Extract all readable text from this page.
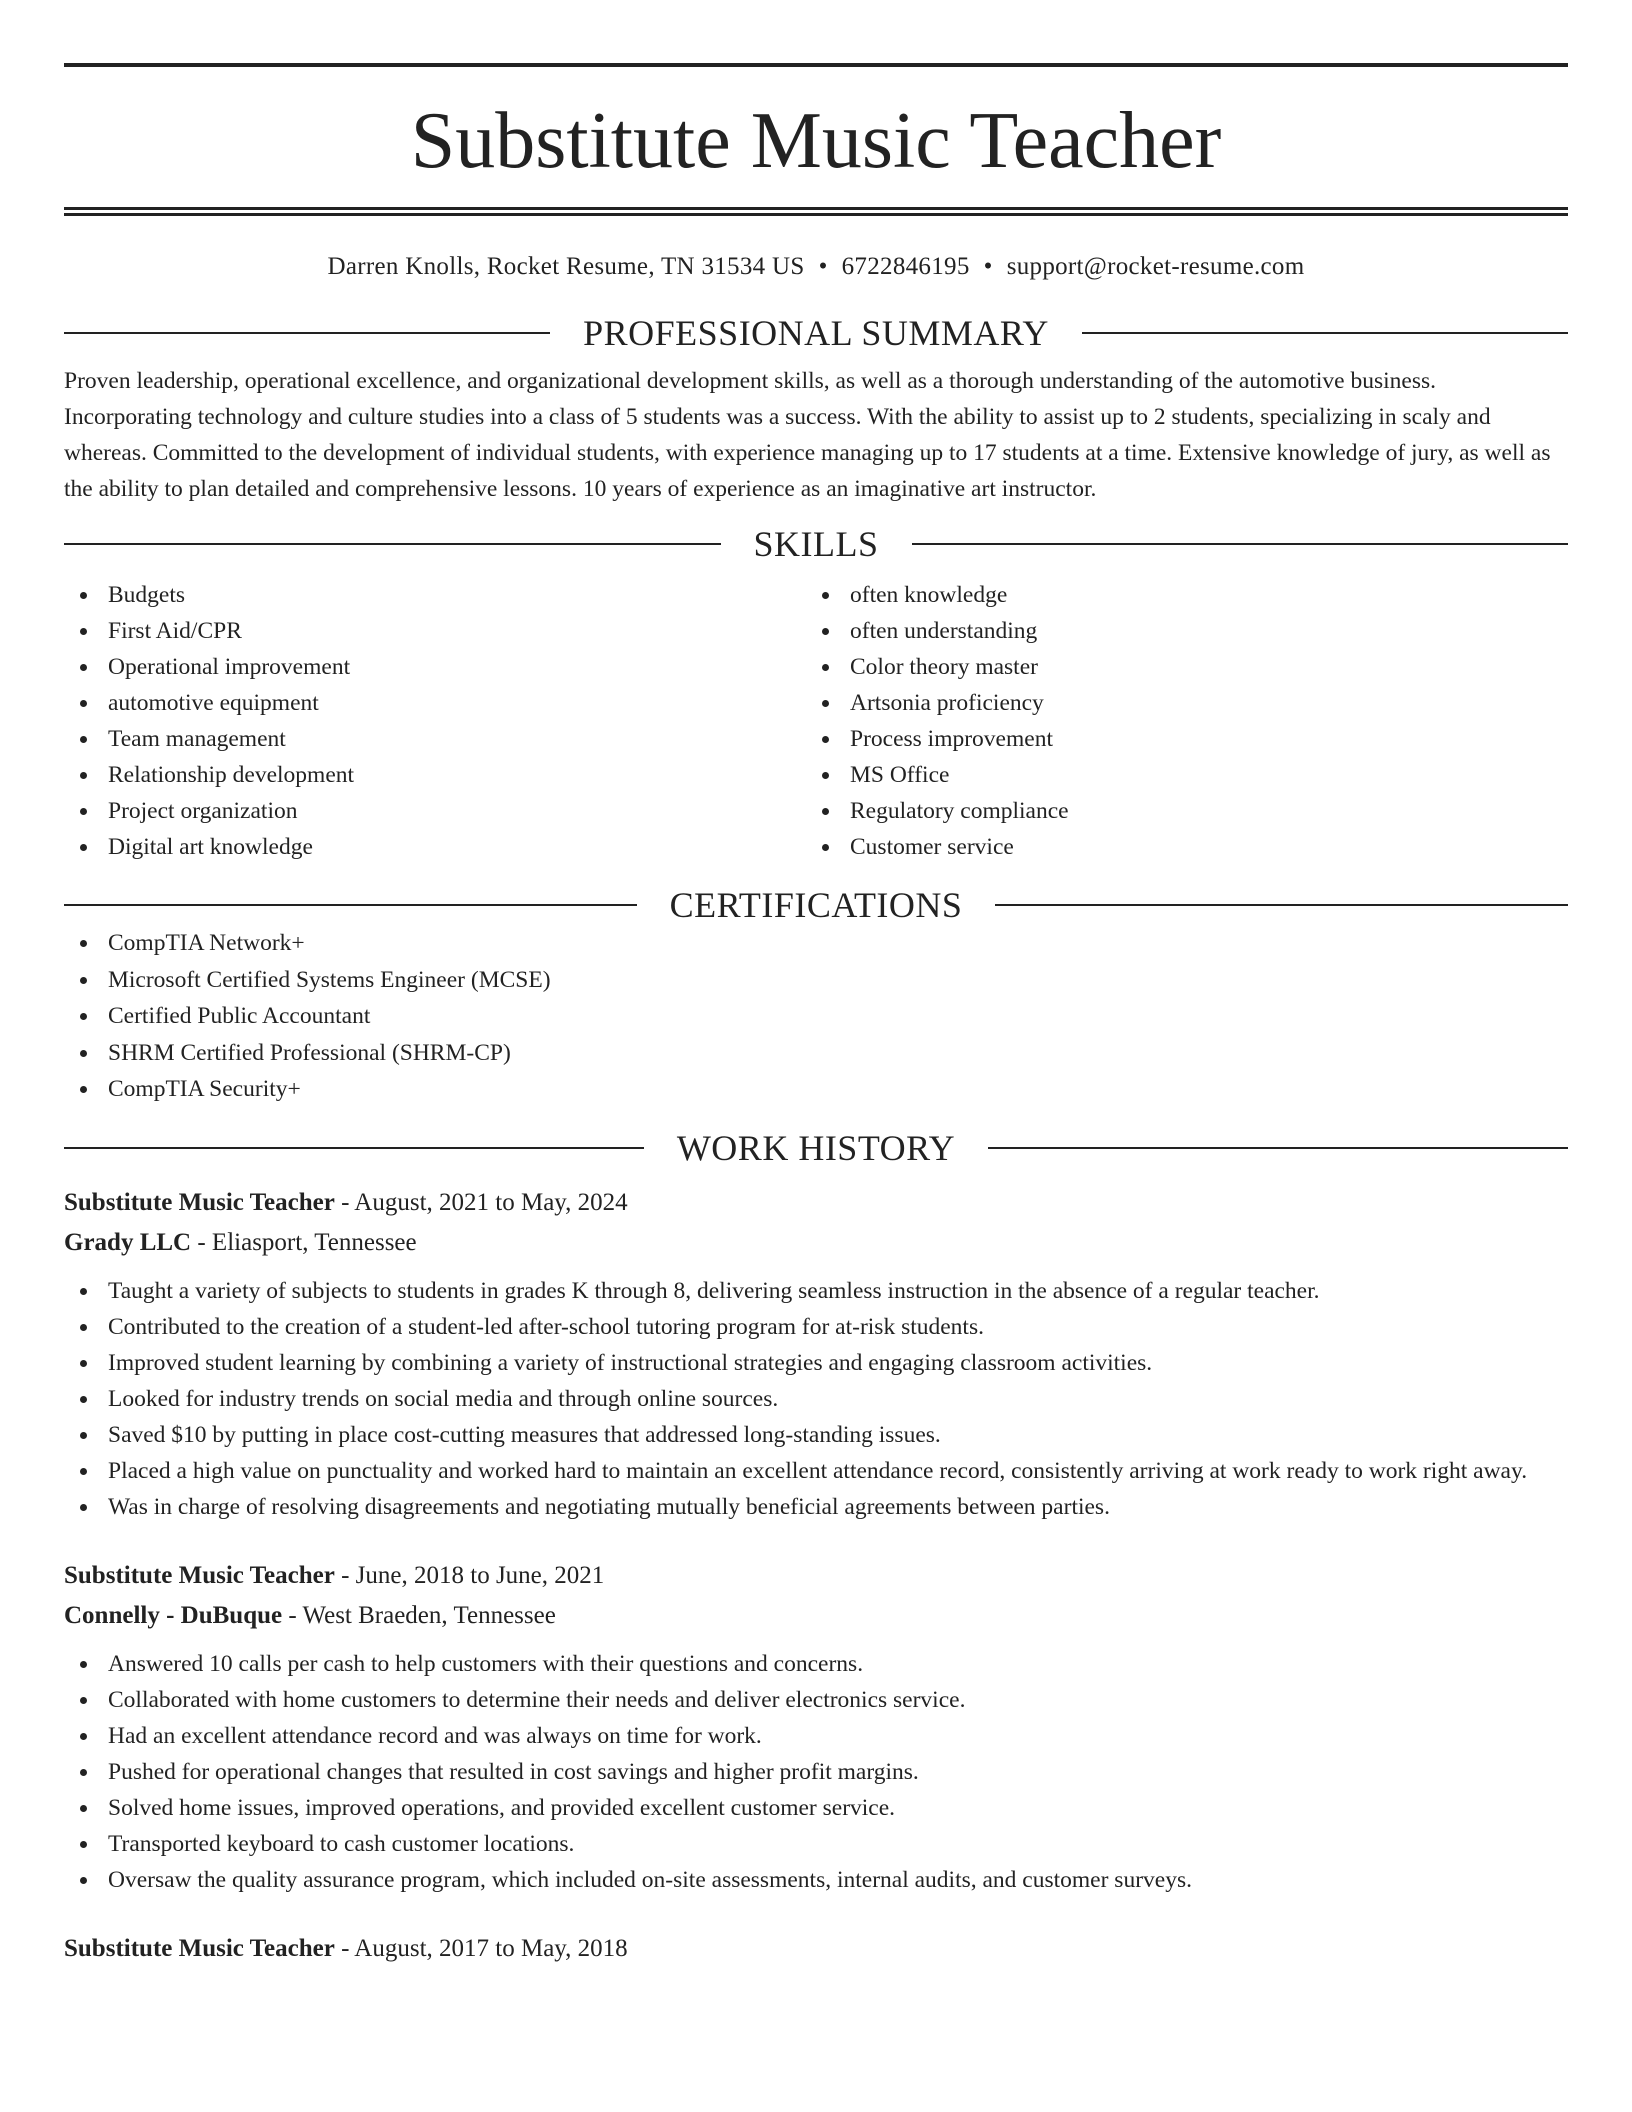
Substitute Music Teacher
Darren Knolls, Rocket Resume, TN 31534 US • 6722846195 • support@rocket-resume.com
PROFESSIONAL SUMMARY

Proven leadership, operational excellence, and organizational development skills, as well as a thorough understanding of the automotive business. Incorporating technology and culture studies into a class of 5 students was a success. With the ability to assist up to 2 students, specializing in scaly and whereas. Committed to the development of individual students, with experience managing up to 17 students at a time. Extensive knowledge of jury, as well as the ability to plan detailed and comprehensive lessons. 10 years of experience as an imaginative art instructor.

SKILLS
Budgets
First Aid/CPR
Operational improvement
automotive equipment
Team management
Relationship development
Project organization
Digital art knowledge
often knowledge
often understanding
Color theory master
Artsonia proficiency
Process improvement
MS Office
Regulatory compliance
Customer service
CERTIFICATIONS
CompTIA Network+
Microsoft Certified Systems Engineer (MCSE)
Certified Public Accountant
SHRM Certified Professional (SHRM-CP)
CompTIA Security+
WORK HISTORY
Substitute Music Teacher - August, 2021 to May, 2024
Grady LLC - Eliasport, Tennessee
Taught a variety of subjects to students in grades K through 8, delivering seamless instruction in the absence of a regular teacher.
Contributed to the creation of a student-led after-school tutoring program for at-risk students.
Improved student learning by combining a variety of instructional strategies and engaging classroom activities.
Looked for industry trends on social media and through online sources.
Saved $10 by putting in place cost-cutting measures that addressed long-standing issues.
Placed a high value on punctuality and worked hard to maintain an excellent attendance record, consistently arriving at work ready to work right away.
Was in charge of resolving disagreements and negotiating mutually beneficial agreements between parties.
Substitute Music Teacher - June, 2018 to June, 2021
Connelly - DuBuque - West Braeden, Tennessee
Answered 10 calls per cash to help customers with their questions and concerns.
Collaborated with home customers to determine their needs and deliver electronics service.
Had an excellent attendance record and was always on time for work.
Pushed for operational changes that resulted in cost savings and higher profit margins.
Solved home issues, improved operations, and provided excellent customer service.
Transported keyboard to cash customer locations.
Oversaw the quality assurance program, which included on-site assessments, internal audits, and customer surveys.
Substitute Music Teacher - August, 2017 to May, 2018
